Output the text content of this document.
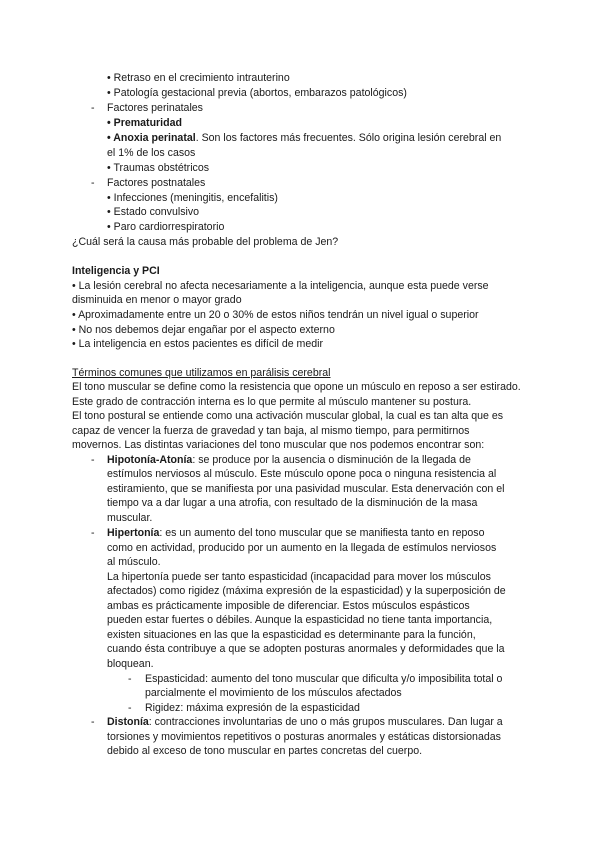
• Retraso en el crecimiento intrauterino
• Patología gestacional previa (abortos, embarazos patológicos)
- Factores perinatales
• Prematuridad
• Anoxia perinatal. Son los factores más frecuentes. Sólo origina lesión cerebral en
el 1% de los casos
• Traumas obstétricos
- Factores postnatales
• Infecciones (meningitis, encefalitis)
• Estado convulsivo
• Paro cardiorrespiratorio
¿Cuál será la causa más probable del problema de Jen?
Inteligencia y PCI
• La lesión cerebral no afecta necesariamente a la inteligencia, aunque esta puede verse
disminuida en menor o mayor grado
• Aproximadamente entre un 20 o 30% de estos niños tendrán un nivel igual o superior
• No nos debemos dejar engañar por el aspecto externo
• La inteligencia en estos pacientes es difícil de medir
Términos comunes que utilizamos en parálisis cerebral
El tono muscular se define como la resistencia que opone un músculo en reposo a ser estirado.
Este grado de contracción interna es lo que permite al músculo mantener su postura.
El tono postural se entiende como una activación muscular global, la cual es tan alta que es
capaz de vencer la fuerza de gravedad y tan baja, al mismo tiempo, para permitirnos
movernos. Las distintas variaciones del tono muscular que nos podemos encontrar son:
- Hipotonía-Atonía: se produce por la ausencia o disminución de la llegada de
estímulos nerviosos al músculo. Este músculo opone poca o ninguna resistencia al
estiramiento, que se manifiesta por una pasividad muscular. Esta denervación con el
tiempo va a dar lugar a una atrofia, con resultado de la disminución de la masa
muscular.
- Hipertonía: es un aumento del tono muscular que se manifiesta tanto en reposo
como en actividad, producido por un aumento en la llegada de estímulos nerviosos
al músculo.
La hipertonía puede ser tanto espasticidad (incapacidad para mover los músculos
afectados) como rigidez (máxima expresión de la espasticidad) y la superposición de
ambas es prácticamente imposible de diferenciar. Estos músculos espásticos
pueden estar fuertes o débiles. Aunque la espasticidad no tiene tanta importancia,
existen situaciones en las que la espasticidad es determinante para la función,
cuando ésta contribuye a que se adopten posturas anormales y deformidades que la
bloquean.
- Espasticidad: aumento del tono muscular que dificulta y/o imposibilita total o
parcialmente el movimiento de los músculos afectados
- Rigidez: máxima expresión de la espasticidad
- Distonía: contracciones involuntarias de uno o más grupos musculares. Dan lugar a
torsiones y movimientos repetitivos o posturas anormales y estáticas distorsionadas
debido al exceso de tono muscular en partes concretas del cuerpo.
